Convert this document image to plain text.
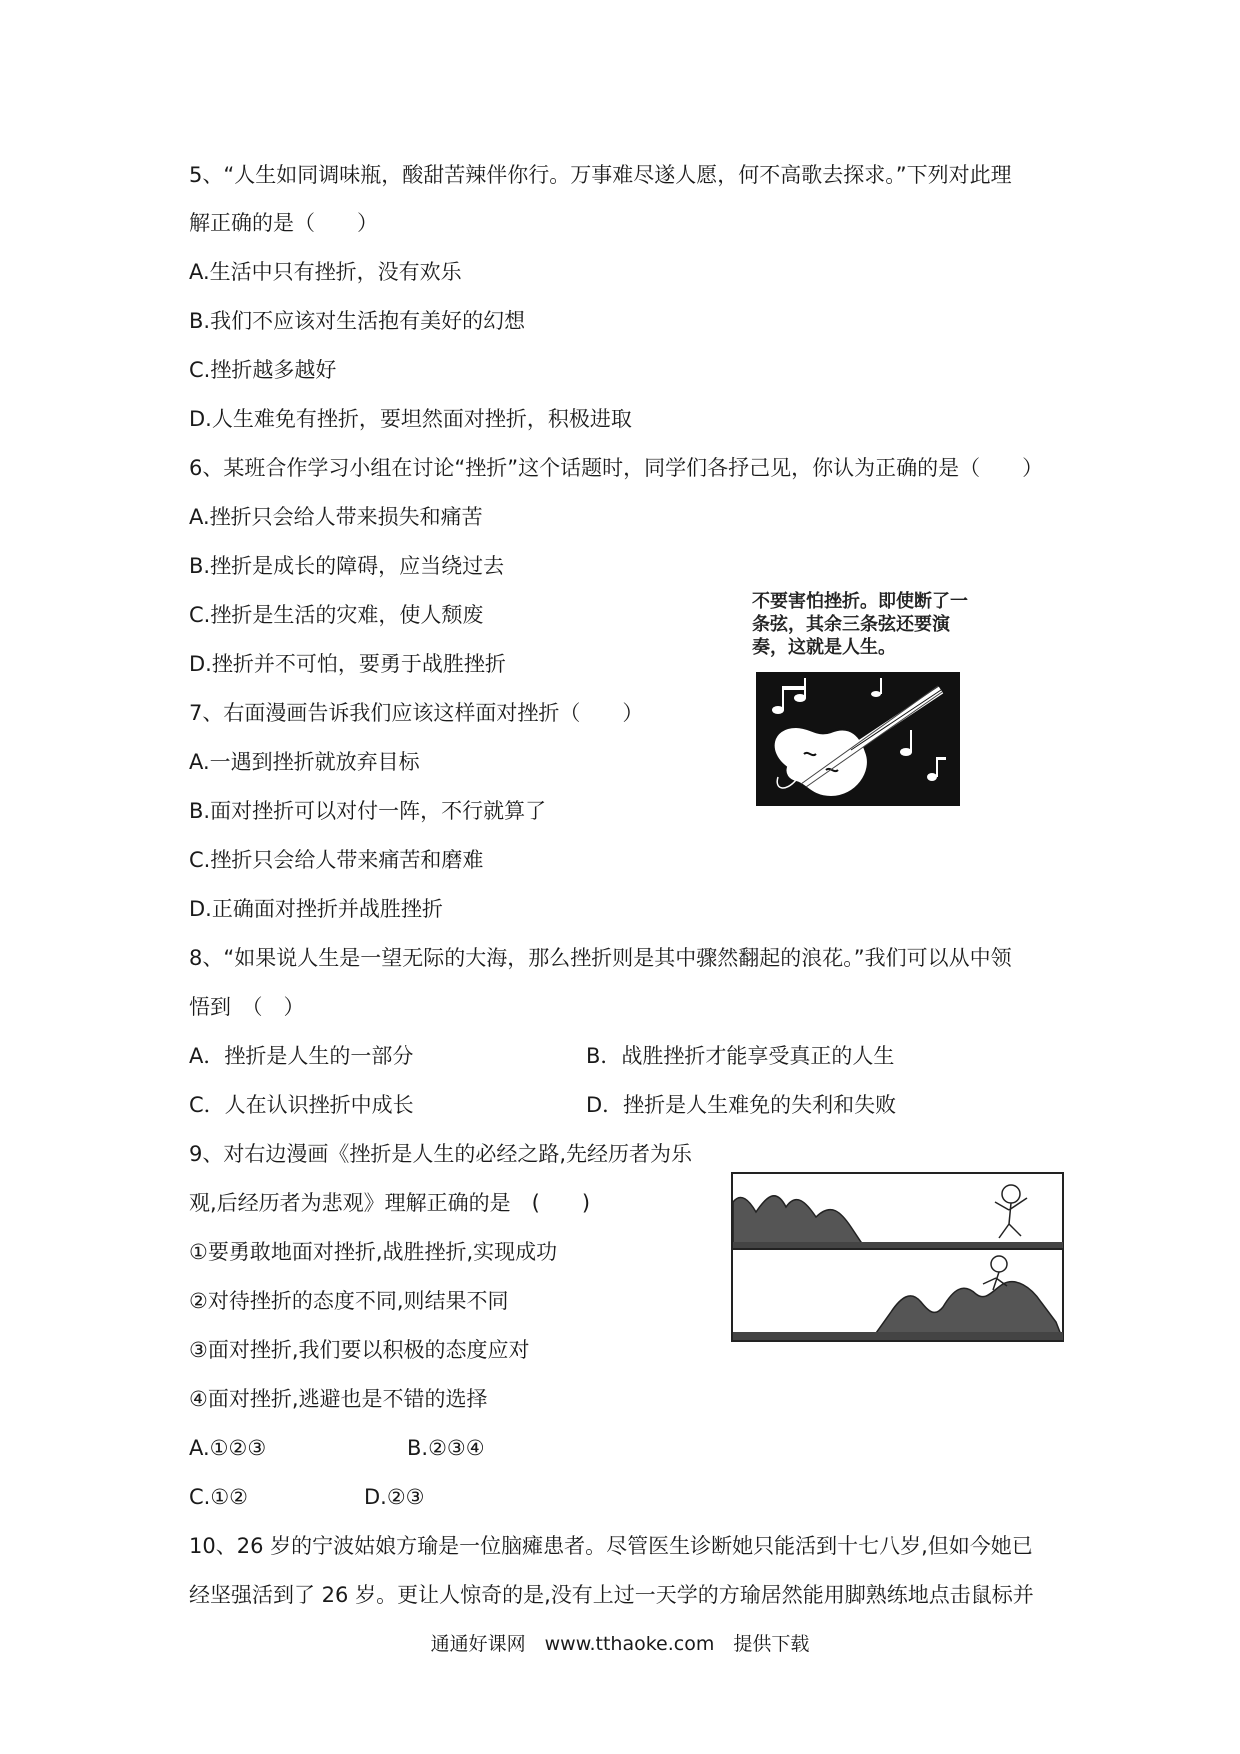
5、“人生如同调味瓶，酸甜苦辣伴你行。万事难尽遂人愿，何不高歌去探求。”下列对此理
解正确的是（　　）
A.生活中只有挫折，没有欢乐
B.我们不应该对生活抱有美好的幻想
C.挫折越多越好
D.人生难免有挫折，要坦然面对挫折，积极进取
6、某班合作学习小组在讨论“挫折”这个话题时，同学们各抒己见，你认为正确的是（　　）
A.挫折只会给人带来损失和痛苦
B.挫折是成长的障碍，应当绕过去
C.挫折是生活的灾难，使人颓废
D.挫折并不可怕，要勇于战胜挫折
7、右面漫画告诉我们应该这样面对挫折（　　）
A.一遇到挫折就放弃目标
B.面对挫折可以对付一阵，不行就算了
C.挫折只会给人带来痛苦和磨难
D.正确面对挫折并战胜挫折
不要害怕挫折。即使断了一条弦，其余三条弦还要演奏，这就是人生。
8、“如果说人生是一望无际的大海，那么挫折则是其中骤然翻起的浪花。”我们可以从中领
悟到　（　）
A．挫折是人生的一部分	B．战胜挫折才能享受真正的人生
C．人在认识挫折中成长	D．挫折是人生难免的失利和失败
9、对右边漫画《挫折是人生的必经之路,先经历者为乐
观,后经历者为悲观》理解正确的是　(　　)
①要勇敢地面对挫折,战胜挫折,实现成功
②对待挫折的态度不同,则结果不同
③面对挫折,我们要以积极的态度应对
④面对挫折,逃避也是不错的选择
A.①②③	B.②③④
C.①②	D.②③
10、26 岁的宁波姑娘方瑜是一位脑瘫患者。尽管医生诊断她只能活到十七八岁,但如今她已
经坚强活到了 26 岁。更让人惊奇的是,没有上过一天学的方瑜居然能用脚熟练地点击鼠标并
通通好课网　www.tthaoke.com　提供下载
